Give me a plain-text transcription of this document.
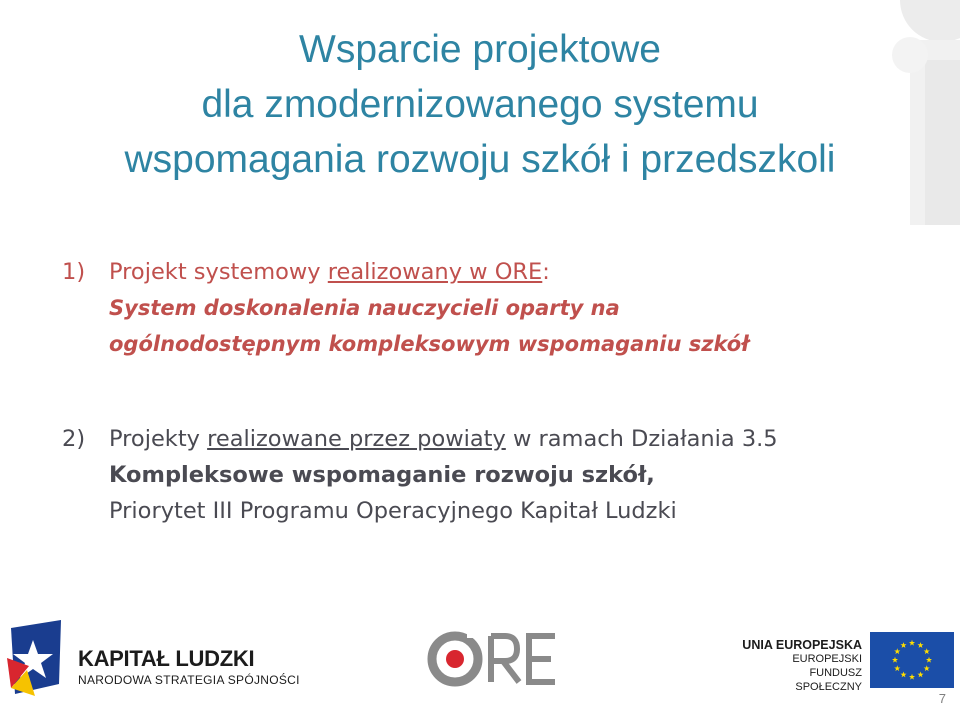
Wsparcie projektowe
dla zmodernizowanego systemu
wspomagania rozwoju szkół i przedszkoli
1) Projekt systemowy realizowany w ORE:
System doskonalenia nauczycieli oparty na
ogólnodostępnym kompleksowym wspomaganiu szkół
2) Projekty realizowane przez powiaty w ramach Działania 3.5
Kompleksowe wspomaganie rozwoju szkół,
Priorytet III Programu Operacyjnego Kapitał Ludzki
KAPITAŁ LUDZKI
NARODOWA STRATEGIA SPÓJNOŚCI
UNIA EUROPEJSKA
EUROPEJSKI
FUNDUSZ SPOŁECZNY
7
